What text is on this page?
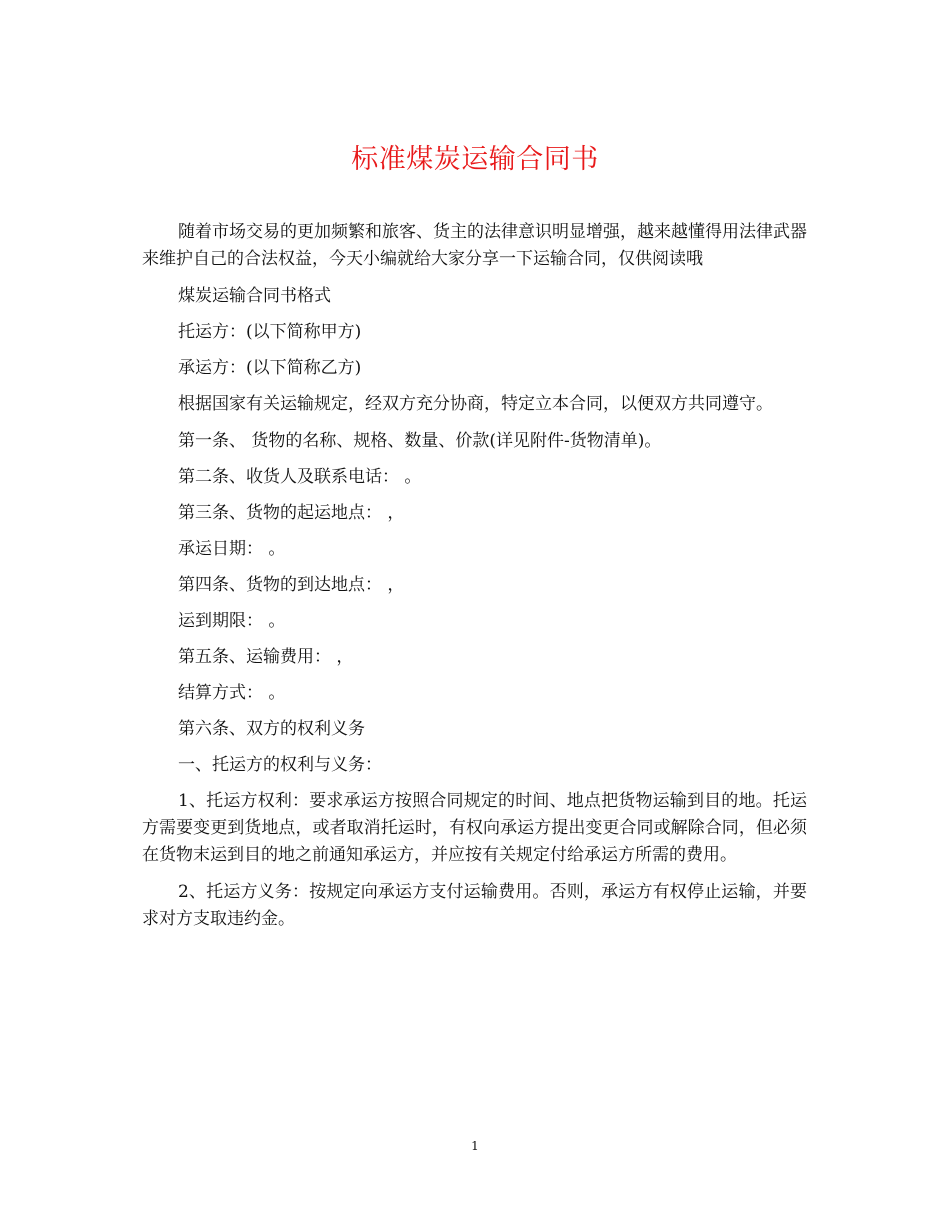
标准煤炭运输合同书

随着市场交易的更加频繁和旅客、货主的法律意识明显增强，越来越懂得用法律武器来维护自己的合法权益，今天小编就给大家分享一下运输合同，仅供阅读哦

煤炭运输合同书格式

托运方：(以下简称甲方)

承运方：(以下简称乙方)

根据国家有关运输规定，经双方充分协商，特定立本合同，以便双方共同遵守。

第一条、 货物的名称、规格、数量、价款(详见附件-货物清单)。

第二条、收货人及联系电话： 。

第三条、货物的起运地点： ，

承运日期： 。

第四条、货物的到达地点： ，

运到期限： 。

第五条、运输费用： ，

结算方式： 。

第六条、双方的权利义务

一、托运方的权利与义务：

1、托运方权利：要求承运方按照合同规定的时间、地点把货物运输到目的地。托运方需要变更到货地点，或者取消托运时，有权向承运方提出变更合同或解除合同，但必须在货物末运到目的地之前通知承运方，并应按有关规定付给承运方所需的费用。

2、托运方义务：按规定向承运方支付运输费用。否则，承运方有权停止运输，并要求对方支取违约金。

1
